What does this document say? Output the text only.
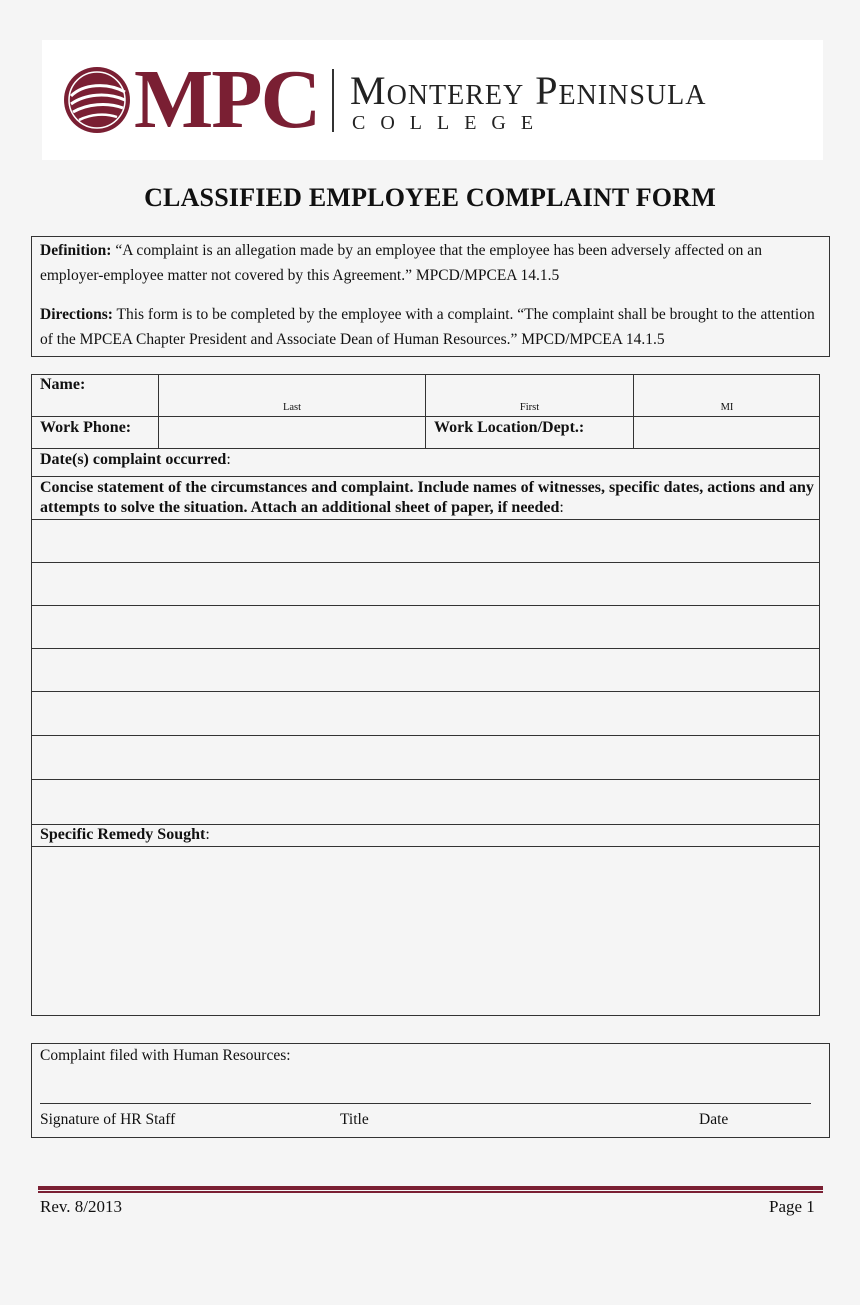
MPC Monterey Peninsula
COLLEGE
CLASSIFIED EMPLOYEE COMPLAINT FORM
Definition: “A complaint is an allegation made by an employee that the employee has been adversely affected on an employer-employee matter not covered by this Agreement.” MPCD/MPCEA 14.1.5
Directions: This form is to be completed by the employee with a complaint. “The complaint shall be brought to the attention of the MPCEA Chapter President and Associate Dean of Human Resources.” MPCD/MPCEA 14.1.5
Name:
Last	First	MI
Work Phone:	Work Location/Dept.:
Date(s) complaint occurred:
Concise statement of the circumstances and complaint. Include names of witnesses, specific dates, actions and any attempts to solve the situation. Attach an additional sheet of paper, if needed:
Specific Remedy Sought:
Complaint filed with Human Resources:
Signature of HR Staff	Title	Date
Rev. 8/2013	Page 1
